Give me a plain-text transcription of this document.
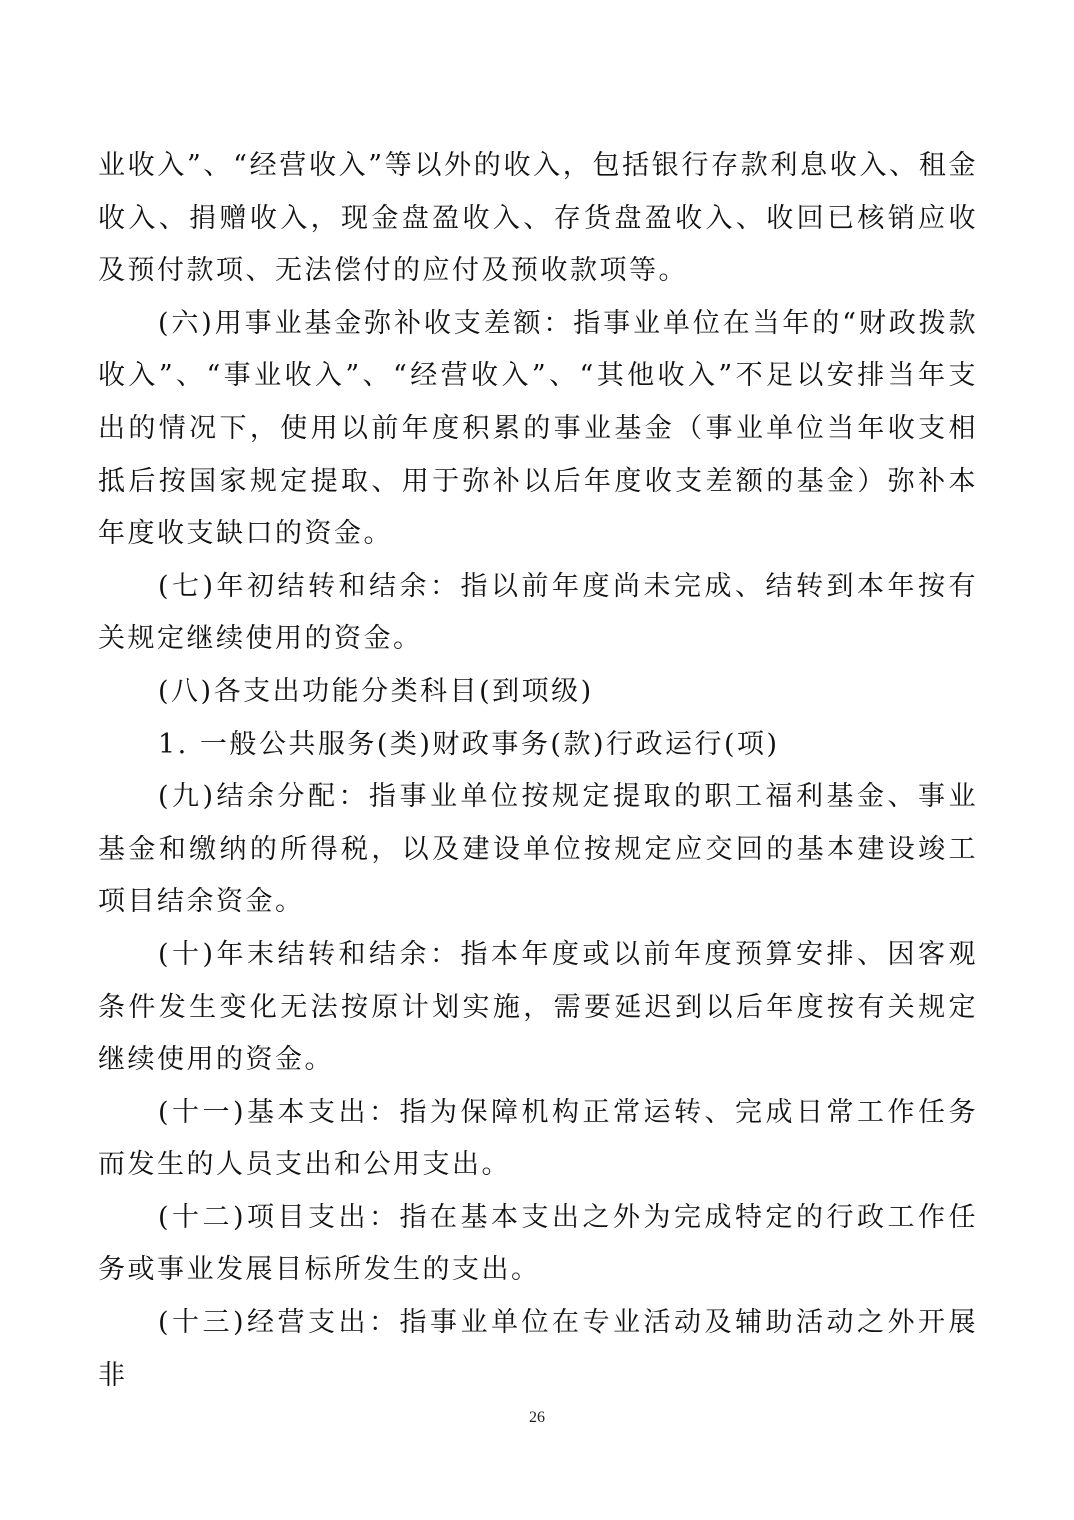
业收入”、“经营收入”等以外的收入，包括银行存款利息收入、租金收入、捐赠收入，现金盘盈收入、存货盘盈收入、收回已核销应收及预付款项、无法偿付的应付及预收款项等。

(六)用事业基金弥补收支差额：指事业单位在当年的“财政拨款收入”、“事业收入”、“经营收入”、“其他收入”不足以安排当年支出的情况下，使用以前年度积累的事业基金（事业单位当年收支相抵后按国家规定提取、用于弥补以后年度收支差额的基金）弥补本年度收支缺口的资金。

(七)年初结转和结余：指以前年度尚未完成、结转到本年按有关规定继续使用的资金。

(八)各支出功能分类科目(到项级)

1. 一般公共服务(类)财政事务(款)行政运行(项)

(九)结余分配：指事业单位按规定提取的职工福利基金、事业基金和缴纳的所得税，以及建设单位按规定应交回的基本建设竣工项目结余资金。

(十)年末结转和结余：指本年度或以前年度预算安排、因客观条件发生变化无法按原计划实施，需要延迟到以后年度按有关规定继续使用的资金。

(十一)基本支出：指为保障机构正常运转、完成日常工作任务而发生的人员支出和公用支出。

(十二)项目支出：指在基本支出之外为完成特定的行政工作任务或事业发展目标所发生的支出。

(十三)经营支出：指事业单位在专业活动及辅助活动之外开展非

26
